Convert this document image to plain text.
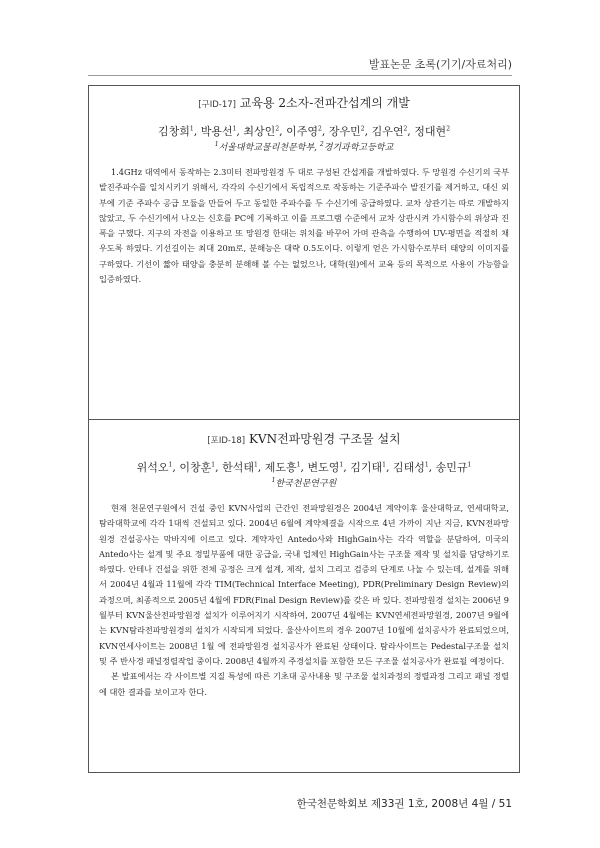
발표논문 초록(기기/자료처리)
[구ID-17] 교육용 2소자-전파간섭계의 개발
김창희$^1$, 박용선$^1$, 최상인$^2$, 이주영$^2$, 장우민$^2$, 김우연$^2$, 정대현$^2$
$^1$서울대학교물리천문학부, $^2$경기과학고등학교

1.4GHz 대역에서 동작하는 2.3미터 전파망원경 두 대로 구성된 간섭계를 개발하였다. 두 망원경 수신기의 국부발진주파수를 일치시키기 위해서, 각각의 수신기에서 독립적으로 작동하는 기준주파수 발진기를 제거하고, 대신 외부에 기준 주파수 공급 모듈을 만들어 두고 동일한 주파수를 두 수신기에 공급하였다. 교차 상관기는 따로 개발하지 않았고, 두 수신기에서 나오는 신호를 PC에 기록하고 이를 프로그램 수준에서 교차 상관시켜 가시함수의 위상과 진폭을 구했다. 지구의 자전을 이용하고 또 망원경 한대는 위치를 바꾸어 가며 관측을 수행하여 UV-평면을 적절히 채우도록 하였다. 기선길이는 최대 20m로, 분해능은 대략 0.5도이다. 이렇게 얻은 가시함수로부터 태양의 이미지를 구하였다. 기선이 짧아 태양을 충분히 분해해 볼 수는 없었으나, 대학(원)에서 교육 등의 목적으로 사용이 가능함을 입증하였다.

[포ID-18] KVN전파망원경 구조물 설치
위석오$^1$, 이창훈$^1$, 한석태$^1$, 제도흥$^1$, 변도영$^1$, 김기태$^1$, 김태성$^1$, 송민규$^1$
$^1$한국천문연구원

현재 천문연구원에서 건설 중인 KVN사업의 근간인 전파망원경은 2004년 계약이후 울산대학교, 연세대학교, 탐라대학교에 각각 1대씩 건설되고 있다. 2004년 6월에 계약체결을 시작으로 4년 가까이 지난 지금, KVN전파망원경 건설공사는 막바지에 이르고 있다. 계약자인 Antedo사와 HighGain사는 각각 역할을 분담하여, 미국의 Antedo사는 설계 및 주요 정밀부품에 대한 공급을, 국내 업체인 HighGain사는 구조물 제작 및 설치를 담당하기로 하였다. 안테나 건설을 위한 전체 공정은 크게 설계, 제작, 설치 그리고 검증의 단계로 나눌 수 있는데, 설계를 위해서 2004년 4월과 11월에 각각 TIM(Technical Interface Meeting), PDR(Preliminary Design Review)의 과정으며, 최종적으로 2005년 4월에 FDR(Final Design Review)를 갖은 바 있다. 전파망원경 설치는 2006년 9월부터 KVN울산전파망원경 설치가 이루어지기 시작하여, 2007년 4월에는 KVN연세전파망원경, 2007년 9월에는 KVN탐라전파망원경의 설치가 시작되게 되었다. 울산사이트의 경우 2007년 10월에 설치공사가 완료되었으며, KVN연세사이트는 2008년 1월 에 전파망원경 설치공사가 완료된 상태이다. 탐라사이트는 Pedestal구조물 설치 및 주 반사경 패널정렬작업 중이다. 2008년 4월까지 주경설치를 포함한 모든 구조물 설치공사가 완료될 예정이다.

본 발표에서는 각 사이트별 지질 특성에 따른 기초대 공사내용 및 구조물 설치과정의 정렬과정 그리고 패널 정렬에 대한 결과를 보이고자 한다.

한국천문학회보 제33권 1호, 2008년 4월 / 51
